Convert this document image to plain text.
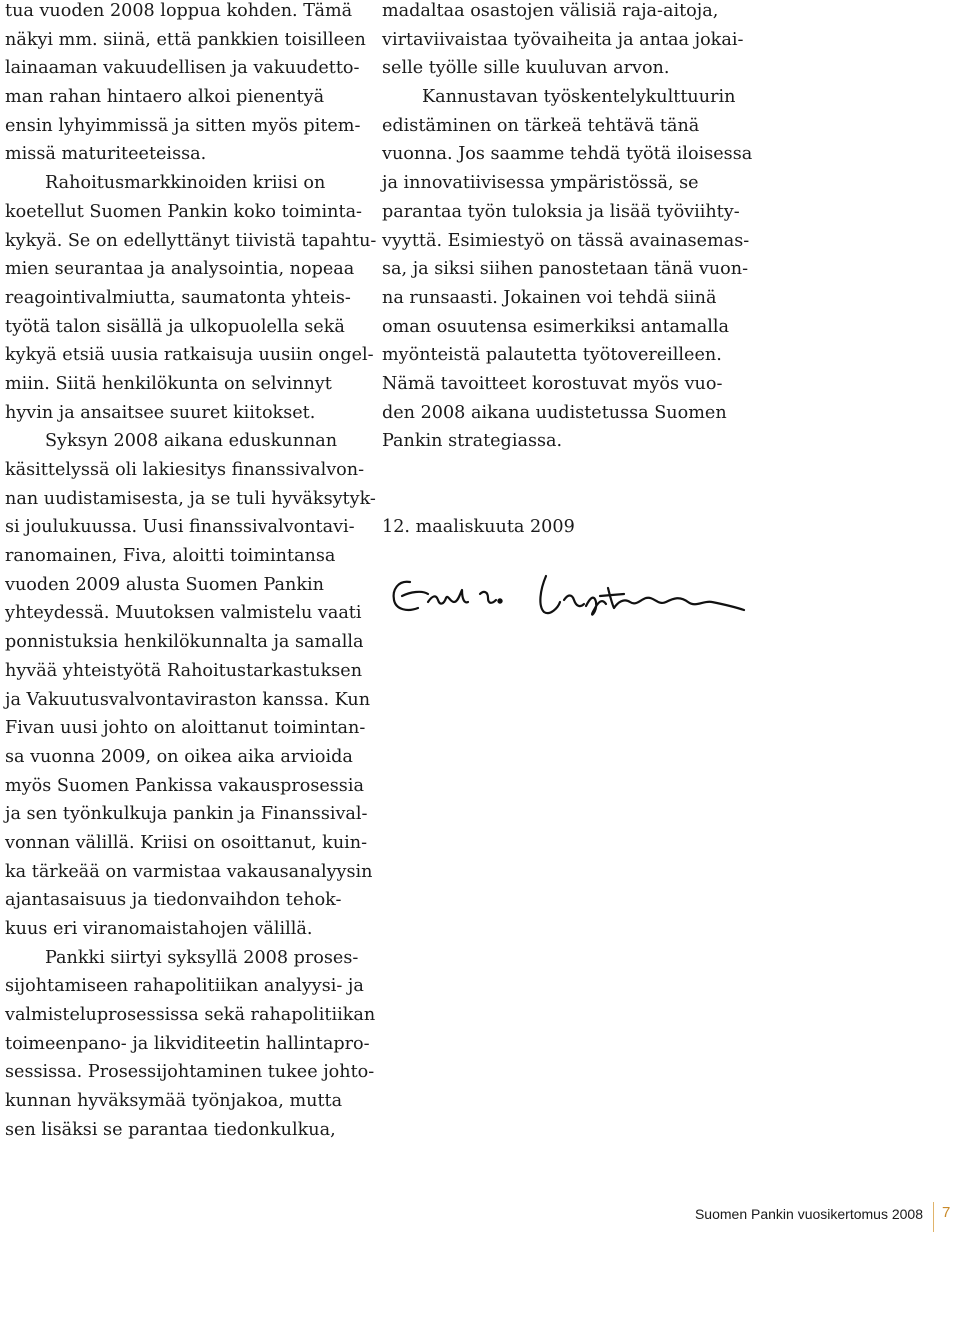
tua vuoden 2008 loppua kohden. Tämä
näkyi mm. siinä, että pankkien toisilleen
lainaaman vakuudellisen ja vakuudetto-
man rahan hintaero alkoi pienentyä
ensin lyhyimmissä ja sitten myös pitem-
missä maturiteeteissa.
Rahoitusmarkkinoiden kriisi on
koetellut Suomen Pankin koko toiminta-
kykyä. Se on edellyttänyt tiivistä tapahtu-
mien seurantaa ja analysointia, nopeaa
reagointivalmiutta, saumatonta yhteis-
työtä talon sisällä ja ulkopuolella sekä
kykyä etsiä uusia ratkaisuja uusiin ongel-
miin. Siitä henkilökunta on selvinnyt
hyvin ja ansaitsee suuret kiitokset.
Syksyn 2008 aikana eduskunnan
käsittelyssä oli lakiesitys finanssivalvon-
nan uudistamisesta, ja se tuli hyväksytyk-
si joulukuussa. Uusi finanssivalvontavi-
ranomainen, Fiva, aloitti toimintansa
vuoden 2009 alusta Suomen Pankin
yhteydessä. Muutoksen valmistelu vaati
ponnistuksia henkilökunnalta ja samalla
hyvää yhteistyötä Rahoitustarkastuksen
ja Vakuutusvalvontaviraston kanssa. Kun
Fivan uusi johto on aloittanut toimintan-
sa vuonna 2009, on oikea aika arvioida
myös Suomen Pankissa vakausprosessia
ja sen työnkulkuja pankin ja Finanssival-
vonnan välillä. Kriisi on osoittanut, kuin-
ka tärkeää on varmistaa vakausanalyysin
ajantasaisuus ja tiedonvaihdon tehok-
kuus eri viranomaistahojen välillä.
Pankki siirtyi syksyllä 2008 proses-
sijohtamiseen rahapolitiikan analyysi- ja
valmisteluprosessissa sekä rahapolitiikan
toimeenpano- ja likviditeetin hallintapro-
sessissa. Prosessijohtaminen tukee johto-
kunnan hyväksymää työnjakoa, mutta
sen lisäksi se parantaa tiedonkulkua,
madaltaa osastojen välisiä raja-aitoja,
virtaviivaistaa työvaiheita ja antaa jokai-
selle työlle sille kuuluvan arvon.
Kannustavan työskentelykulttuurin
edistäminen on tärkeä tehtävä tänä
vuonna. Jos saamme tehdä työtä iloisessa
ja innovatiivisessa ympäristössä, se
parantaa työn tuloksia ja lisää työviihty-
vyyttä. Esimiestyö on tässä avainasemas-
sa, ja siksi siihen panostetaan tänä vuon-
na runsaasti. Jokainen voi tehdä siinä
oman osuutensa esimerkiksi antamalla
myönteistä palautetta työtovereilleen.
Nämä tavoitteet korostuvat myös vuo-
den 2008 aikana uudistetussa Suomen
Pankin strategiassa.
12. maaliskuuta 2009
Suomen Pankin vuosikertomus 2008 7
